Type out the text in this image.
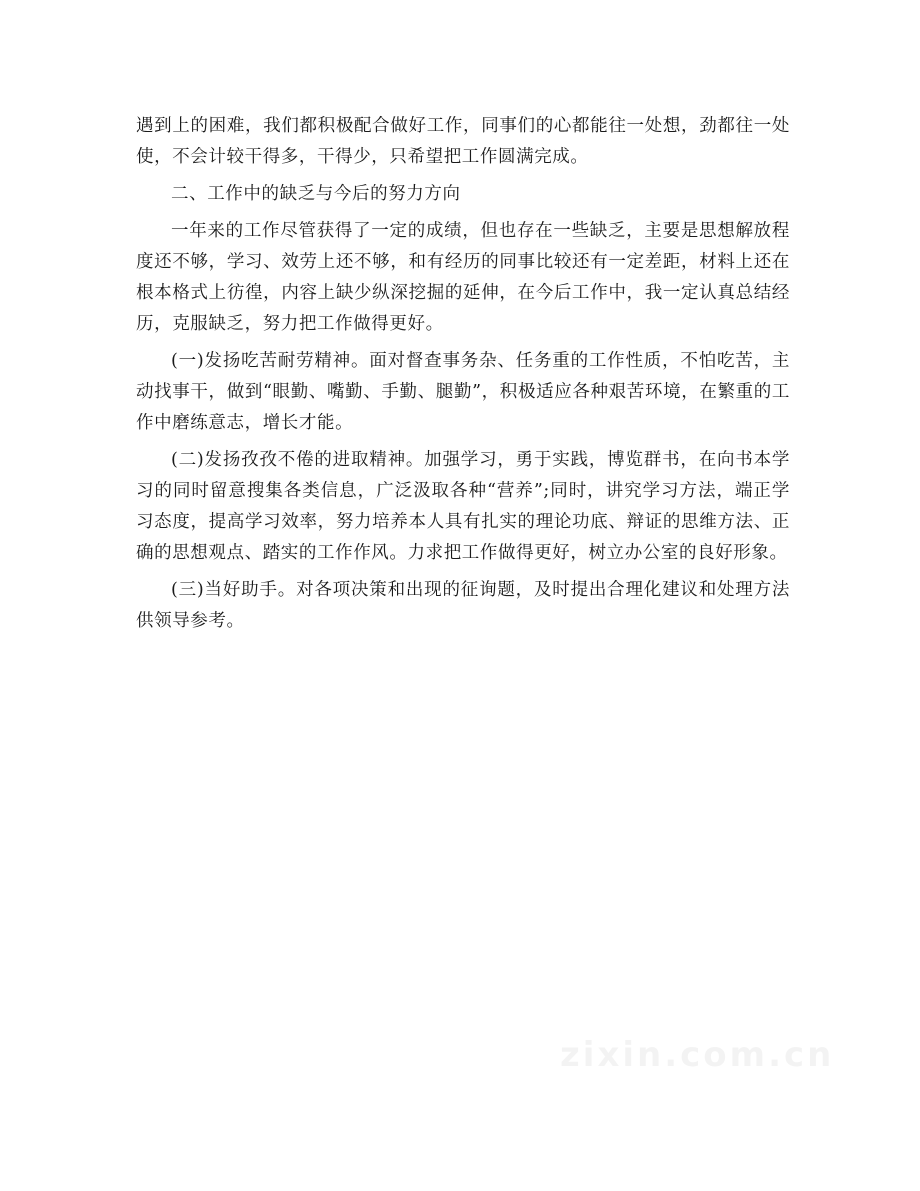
遇到上的困难，我们都积极配合做好工作，同事们的心都能往一处想，劲都往一处使，不会计较干得多，干得少，只希望把工作圆满完成。

二、工作中的缺乏与今后的努力方向

一年来的工作尽管获得了一定的成绩，但也存在一些缺乏，主要是思想解放程度还不够，学习、效劳上还不够，和有经历的同事比较还有一定差距，材料上还在根本格式上彷徨，内容上缺少纵深挖掘的延伸，在今后工作中，我一定认真总结经历，克服缺乏，努力把工作做得更好。

(一)发扬吃苦耐劳精神。面对督查事务杂、任务重的工作性质，不怕吃苦，主动找事干，做到“眼勤、嘴勤、手勤、腿勤”，积极适应各种艰苦环境，在繁重的工作中磨练意志，增长才能。

(二)发扬孜孜不倦的进取精神。加强学习，勇于实践，博览群书，在向书本学习的同时留意搜集各类信息，广泛汲取各种“营养”;同时，讲究学习方法，端正学习态度，提高学习效率，努力培养本人具有扎实的理论功底、辩证的思维方法、正确的思想观点、踏实的工作作风。力求把工作做得更好，树立办公室的良好形象。

(三)当好助手。对各项决策和出现的征询题，及时提出合理化建议和处理方法供领导参考。
